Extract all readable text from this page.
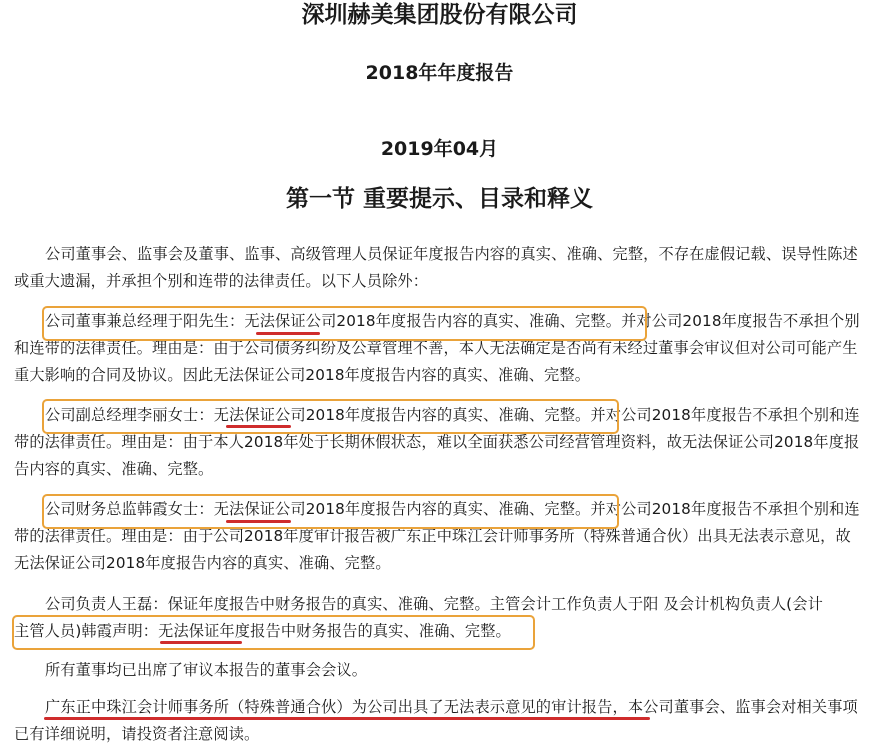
深圳赫美集团股份有限公司
2018年年度报告
2019年04月
第一节 重要提示、目录和释义
公司董事会、监事会及董事、监事、高级管理人员保证年度报告内容的真实、准确、完整，不存在虚假记载、误导性陈述或重大遗漏，并承担个别和连带的法律责任。以下人员除外：
公司董事兼总经理于阳先生：无法保证公司2018年度报告内容的真实、准确、完整。并对公司2018年度报告不承担个别和连带的法律责任。理由是：由于公司债务纠纷及公章管理不善，本人无法确定是否尚有未经过董事会审议但对公司可能产生重大影响的合同及协议。因此无法保证公司2018年度报告内容的真实、准确、完整。
公司副总经理李丽女士：无法保证公司2018年度报告内容的真实、准确、完整。并对公司2018年度报告不承担个别和连带的法律责任。理由是：由于本人2018年处于长期休假状态，难以全面获悉公司经营管理资料，故无法保证公司2018年度报告内容的真实、准确、完整。
公司财务总监韩霞女士：无法保证公司2018年度报告内容的真实、准确、完整。并对公司2018年度报告不承担个别和连带的法律责任。理由是：由于公司2018年度审计报告被广东正中珠江会计师事务所（特殊普通合伙）出具无法表示意见，故无法保证公司2018年度报告内容的真实、准确、完整。
公司负责人王磊：保证年度报告中财务报告的真实、准确、完整。主管会计工作负责人于阳 及会计机构负责人(会计主管人员)韩霞声明：无法保证年度报告中财务报告的真实、准确、完整。
所有董事均已出席了审议本报告的董事会会议。
广东正中珠江会计师事务所（特殊普通合伙）为公司出具了无法表示意见的审计报告，本公司董事会、监事会对相关事项已有详细说明，请投资者注意阅读。
